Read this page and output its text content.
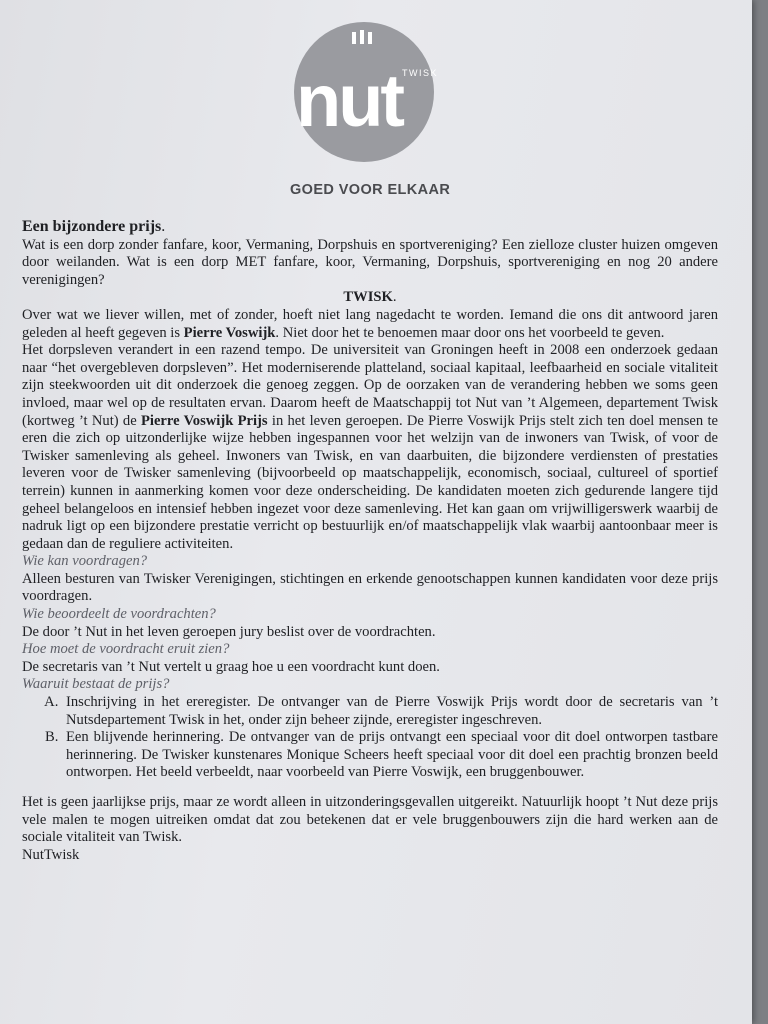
nut TWISK
GOED VOOR ELKAAR

Een bijzondere prijs.

Wat is een dorp zonder fanfare, koor, Vermaning, Dorpshuis en sportvereniging? Een zielloze cluster huizen omgeven door weilanden. Wat is een dorp MET fanfare, koor, Vermaning, Dorpshuis, sportvereniging en nog 20 andere verenigingen?

TWISK.

Over wat we liever willen, met of zonder, hoeft niet lang nagedacht te worden. Iemand die ons dit antwoord jaren geleden al heeft gegeven is Pierre Voswijk. Niet door het te benoemen maar door ons het voorbeeld te geven.

Het dorpsleven verandert in een razend tempo. De universiteit van Groningen heeft in 2008 een onderzoek gedaan naar “het overgebleven dorpsleven”. Het moderniserende platteland, sociaal kapitaal, leefbaarheid en sociale vitaliteit zijn steekwoorden uit dit onderzoek die genoeg zeggen. Op de oorzaken van de verandering hebben we soms geen invloed, maar wel op de resultaten ervan. Daarom heeft de Maatschappij tot Nut van ’t Algemeen, departement Twisk (kortweg ’t Nut) de Pierre Voswijk Prijs in het leven geroepen. De Pierre Voswijk Prijs stelt zich ten doel mensen te eren die zich op uitzonderlijke wijze hebben ingespannen voor het welzijn van de inwoners van Twisk, of voor de Twisker samenleving als geheel. Inwoners van Twisk, en van daarbuiten, die bijzondere verdiensten of prestaties leveren voor de Twisker samenleving (bijvoorbeeld op maatschappelijk, economisch, sociaal, cultureel of sportief terrein) kunnen in aanmerking komen voor deze onderscheiding. De kandidaten moeten zich gedurende langere tijd geheel belangeloos en intensief hebben ingezet voor deze samenleving. Het kan gaan om vrijwilligerswerk waarbij de nadruk ligt op een bijzondere prestatie verricht op bestuurlijk en/of maatschappelijk vlak waarbij aantoonbaar meer is gedaan dan de reguliere activiteiten.

Wie kan voordragen?

Alleen besturen van Twisker Verenigingen, stichtingen en erkende genootschappen kunnen kandidaten voor deze prijs voordragen.

Wie beoordeelt de voordrachten?

De door ’t Nut in het leven geroepen jury beslist over de voordrachten.

Hoe moet de voordracht eruit zien?

De secretaris van ’t Nut vertelt u graag hoe u een voordracht kunt doen.

Waaruit bestaat de prijs?

A. Inschrijving in het ereregister. De ontvanger van de Pierre Voswijk Prijs wordt door de secretaris van ’t Nutsdepartement Twisk in het, onder zijn beheer zijnde, ereregister ingeschreven.
B. Een blijvende herinnering. De ontvanger van de prijs ontvangt een speciaal voor dit doel ontworpen tastbare herinnering. De Twisker kunstenares Monique Scheers heeft speciaal voor dit doel een prachtig bronzen beeld ontworpen. Het beeld verbeeldt, naar voorbeeld van Pierre Voswijk, een bruggenbouwer.

Het is geen jaarlijkse prijs, maar ze wordt alleen in uitzonderingsgevallen uitgereikt. Natuurlijk hoopt ’t Nut deze prijs vele malen te mogen uitreiken omdat dat zou betekenen dat er vele bruggenbouwers zijn die hard werken aan de sociale vitaliteit van Twisk.

NutTwisk
